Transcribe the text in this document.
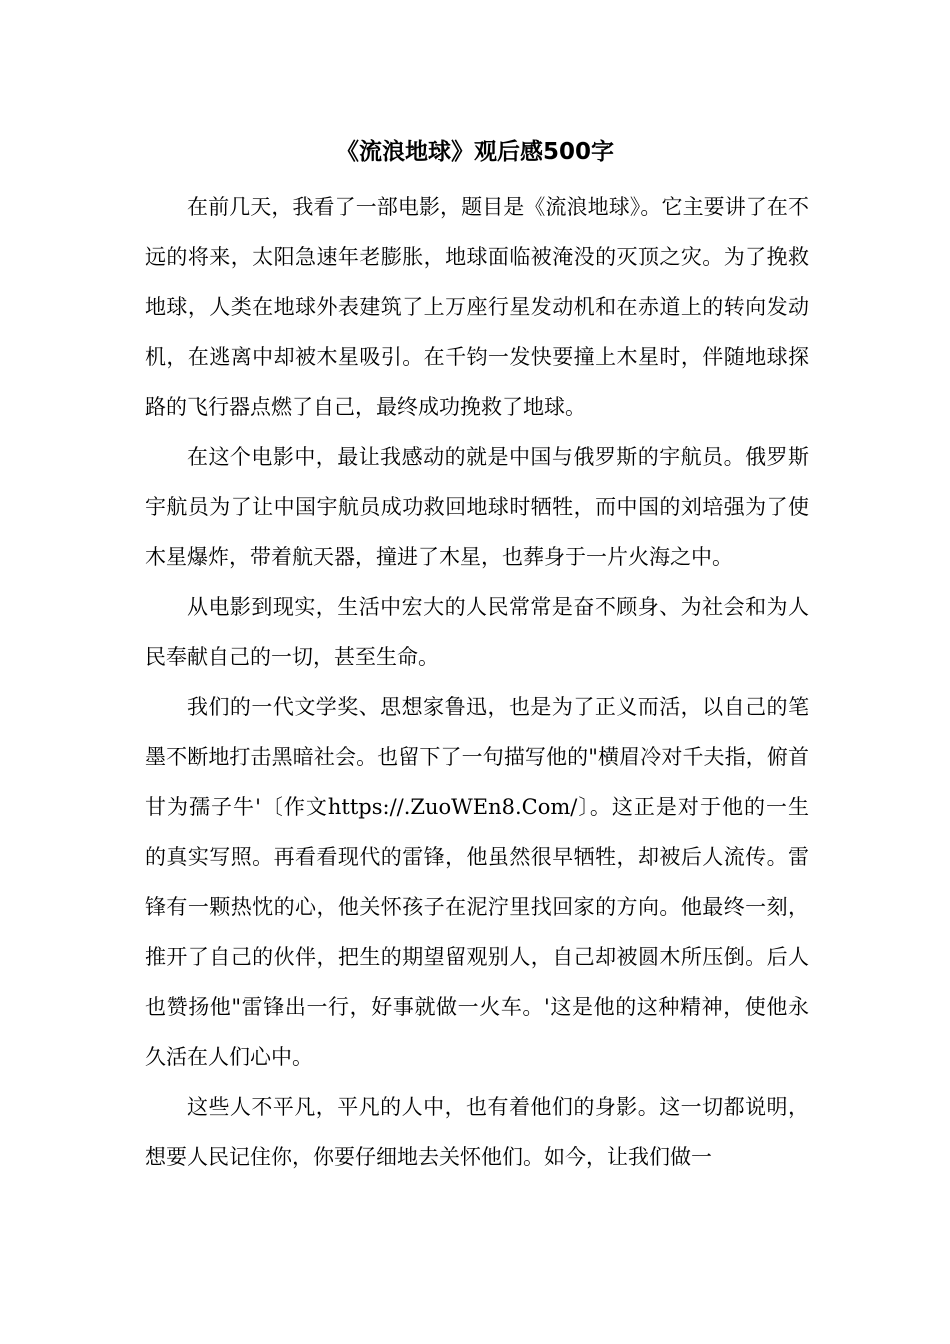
《流浪地球》观后感500字

在前几天，我看了一部电影，题目是《流浪地球》。它主要讲了在不远的将来，太阳急速年老膨胀，地球面临被淹没的灭顶之灾。为了挽救地球，人类在地球外表建筑了上万座行星发动机和在赤道上的转向发动机，在逃离中却被木星吸引。在千钧一发快要撞上木星时，伴随地球探路的飞行器点燃了自己，最终成功挽救了地球。

在这个电影中，最让我感动的就是中国与俄罗斯的宇航员。俄罗斯宇航员为了让中国宇航员成功救回地球时牺牲，而中国的刘培强为了使木星爆炸，带着航天器，撞进了木星，也葬身于一片火海之中。

从电影到现实，生活中宏大的人民常常是奋不顾身、为社会和为人民奉献自己的一切，甚至生命。

我们的一代文学奖、思想家鲁迅，也是为了正义而活，以自己的笔墨不断地打击黑暗社会。也留下了一句描写他的"横眉冷对千夫指，俯首甘为孺子牛'〔作文https://.ZuoWEn8.Com/〕。这正是对于他的一生的真实写照。再看看现代的雷锋，他虽然很早牺牲，却被后人流传。雷锋有一颗热忱的心，他关怀孩子在泥泞里找回家的方向。他最终一刻，推开了自己的伙伴，把生的期望留观别人，自己却被圆木所压倒。后人也赞扬他"雷锋出一行，好事就做一火车。'这是他的这种精神，使他永久活在人们心中。

这些人不平凡，平凡的人中，也有着他们的身影。这一切都说明，想要人民记住你，你要仔细地去关怀他们。如今，让我们做一
